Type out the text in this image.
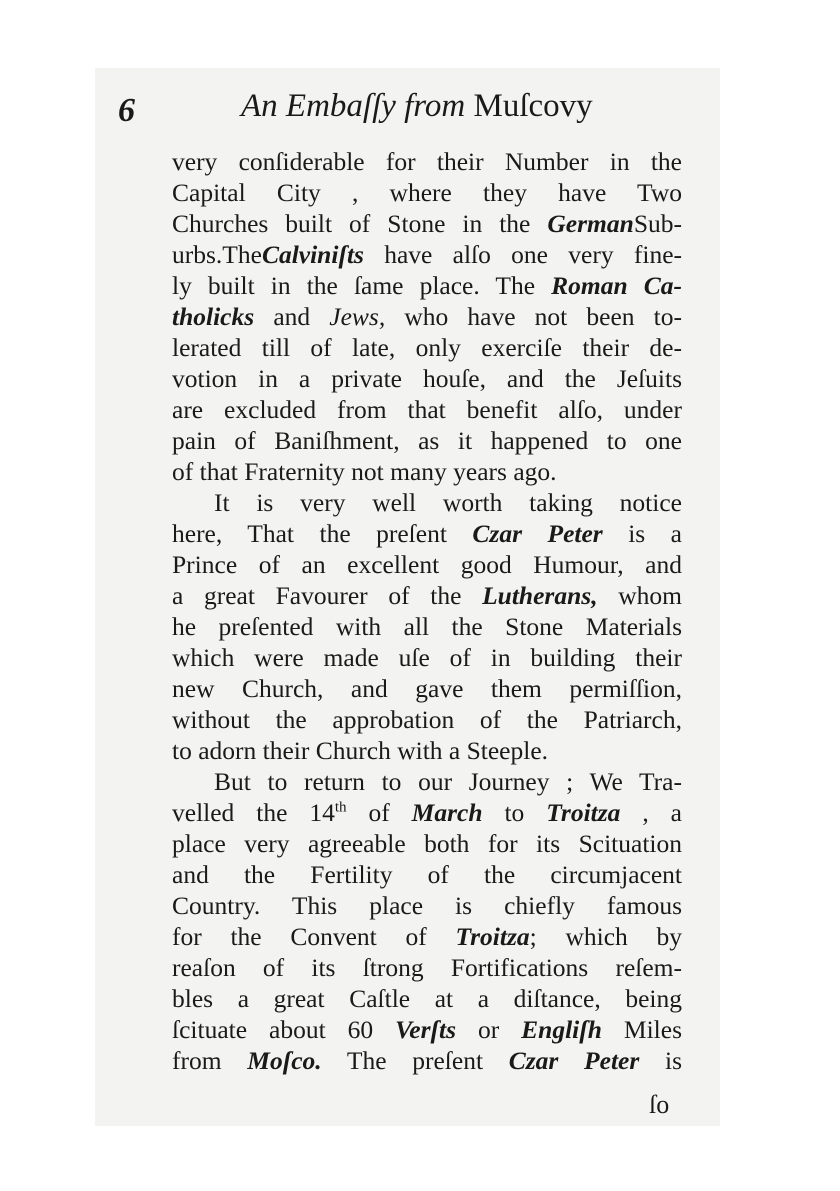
6	An Embaſſy from Muſcovy
very conſiderable for their Number in the
Capital City , where they have Two
Churches built of Stone in the GermanSub-
urbs.TheCalviniſts have alſo one very fine-
ly built in the ſame place. The Roman Ca-
tholicks and Jews, who have not been to-
lerated till of late, only exerciſe their de-
votion in a private houſe, and the Jeſuits
are excluded from that benefit alſo, under
pain of Baniſhment, as it happened to one
of that Fraternity not many years ago.
It is very well worth taking notice
here, That the preſent Czar Peter is a
Prince of an excellent good Humour, and
a great Favourer of the Lutherans, whom
he preſented with all the Stone Materials
which were made uſe of in building their
new Church, and gave them permiſſion,
without the approbation of the Patriarch,
to adorn their Church with a Steeple.
But to return to our Journey ; We Tra-
velled the 14th of March to Troitza , a
place very agreeable both for its Scituation
and the Fertility of the circumjacent
Country. This place is chiefly famous
for the Convent of Troitza; which by
reaſon of its ſtrong Fortifications reſem-
bles a great Caſtle at a diſtance, being
ſcituate about 60 Verſts or Engliſh Miles
from Moſco. The preſent Czar Peter is
ſo
